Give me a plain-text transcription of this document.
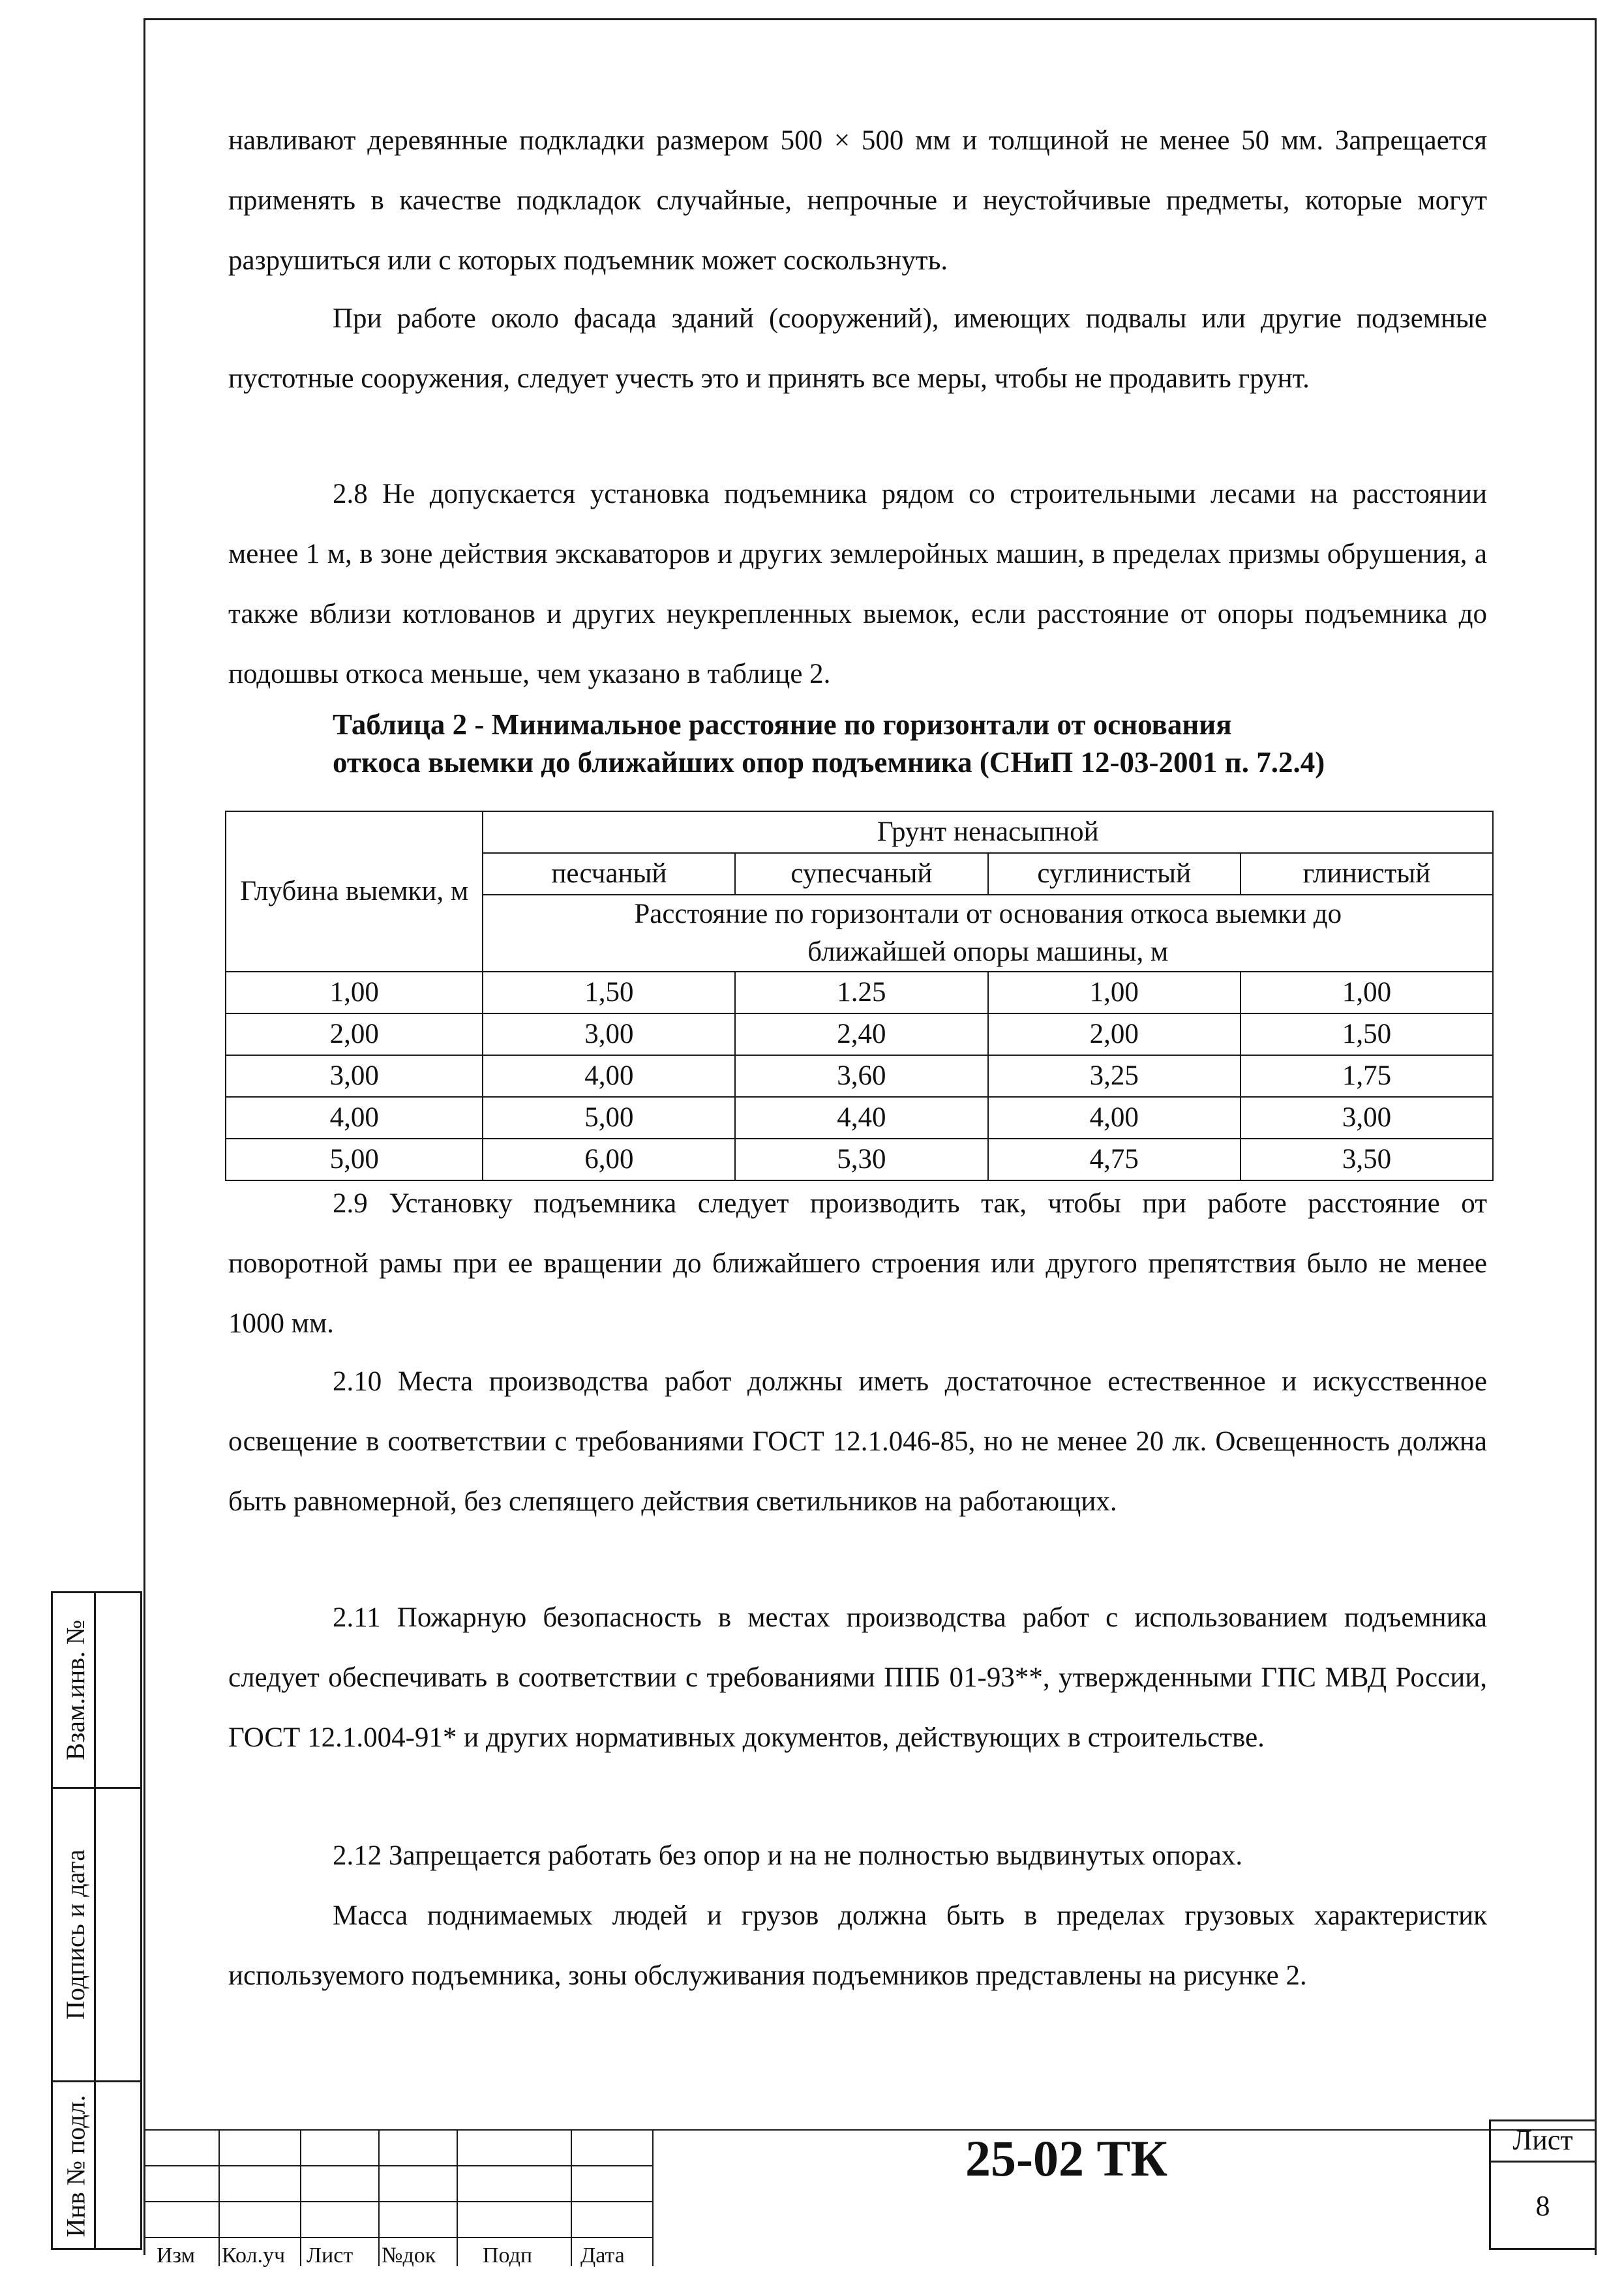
навливают деревянные подкладки размером 500 × 500 мм и толщиной не менее 50 мм. Запрещается применять в качестве подкладок случайные, непрочные и неустойчивые предметы, которые могут разрушиться или с которых подъемник может соскользнуть.

При работе около фасада зданий (сооружений), имеющих подвалы или другие подземные пустотные сооружения, следует учесть это и принять все меры, чтобы не продавить грунт.

2.8 Не допускается установка подъемника рядом со строительными лесами на расстоянии менее 1 м, в зоне действия экскаваторов и других землеройных машин, в пределах призмы обрушения, а также вблизи котлованов и других неукрепленных выемок, если расстояние от опоры подъемника до подошвы откоса меньше, чем указано в таблице 2.

Таблица 2 - Минимальное расстояние по горизонтали от основания

откоса выемки до ближайших опор подъемника (СНиП 12-03-2001 п. 7.2.4)

Глубина выемки, м	Грунт ненасыпной			
	песчаный	супесчаный	суглинистый	глинистый
	Расстояние по горизонтали от основания откоса выемки до ближайшей опоры машины, м			
1,00	1,50	1.25	1,00	1,00
2,00	3,00	2,40	2,00	1,50
3,00	4,00	3,60	3,25	1,75
4,00	5,00	4,40	4,00	3,00
5,00	6,00	5,30	4,75	3,50

2.9 Установку подъемника следует производить так, чтобы при работе расстояние от поворотной рамы при ее вращении до ближайшего строения или другого препятствия было не менее 1000 мм.

2.10 Места производства работ должны иметь достаточное естественное и искусственное освещение в соответствии с требованиями ГОСТ 12.1.046-85, но не менее 20 лк. Освещенность должна быть равномерной, без слепящего действия светильников на работающих.

2.11 Пожарную безопасность в местах производства работ с использованием подъемника следует обеспечивать в соответствии с требованиями ППБ 01-93**, утвержденными ГПС МВД России, ГОСТ 12.1.004-91* и других нормативных документов, действующих в строительстве.

2.12 Запрещается работать без опор и на не полностью выдвинутых опорах.

Масса поднимаемых людей и грузов должна быть в пределах грузовых характеристик используемого подъемника, зоны обслуживания подъемников представлены на рисунке 2.

Взам.инв. №
Подпись и дата
Инв № подл.
Изм Кол.уч Лист №док Подп Дата
25-02 ТК	Лист
8
